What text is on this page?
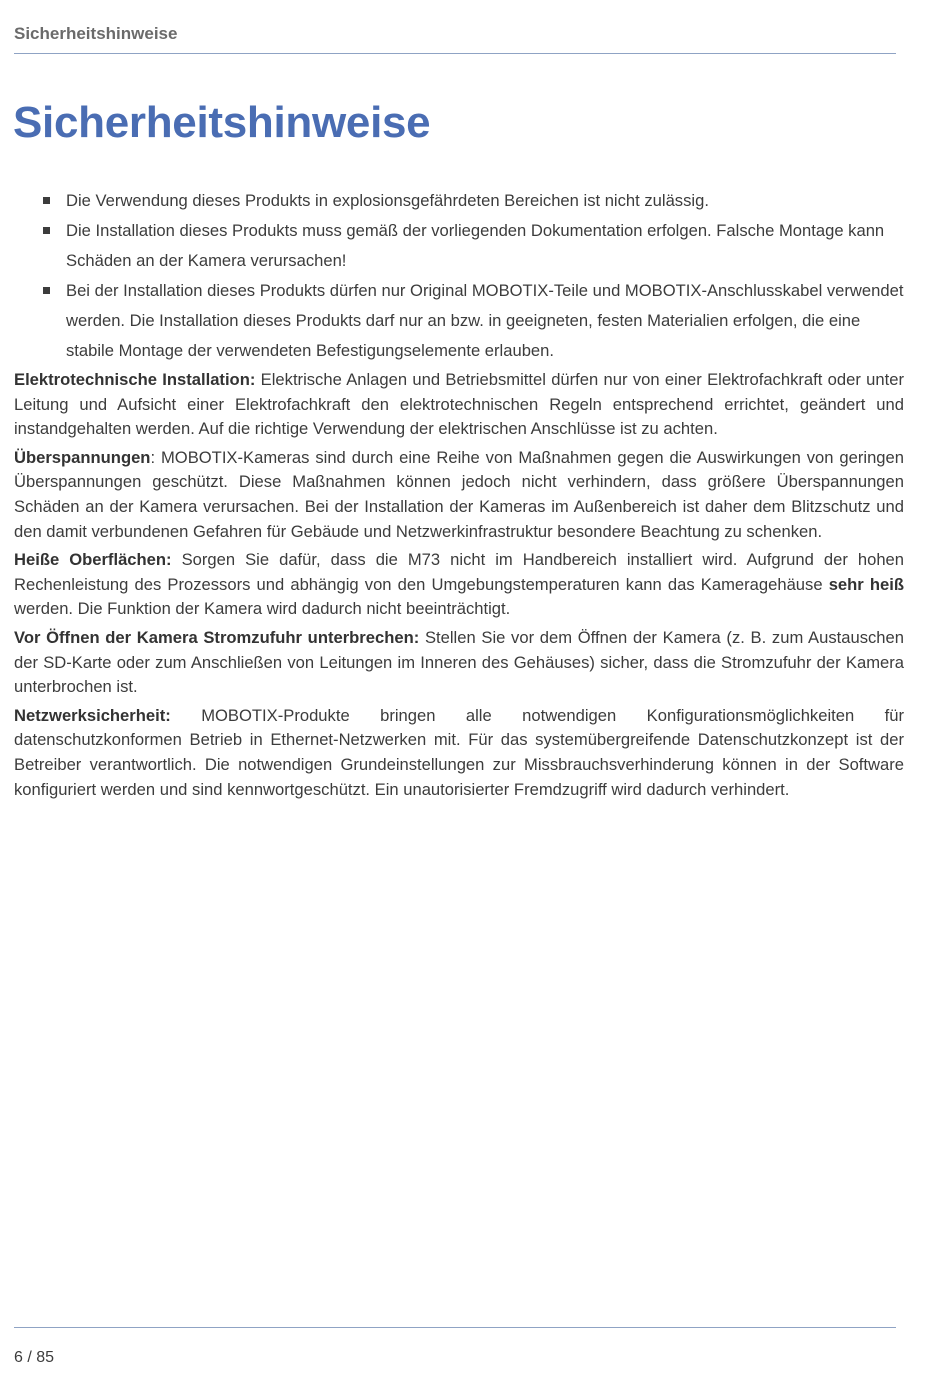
Sicherheitshinweise
Sicherheitshinweise
Die Verwendung dieses Produkts in explosionsgefährdeten Bereichen ist nicht zulässig.
Die Installation dieses Produkts muss gemäß der vorliegenden Dokumentation erfolgen. Falsche Montage kann Schäden an der Kamera verursachen!
Bei der Installation dieses Produkts dürfen nur Original MOBOTIX-Teile und MOBOTIX-Anschlusskabel verwendet werden. Die Installation dieses Produkts darf nur an bzw. in geeigneten, festen Materialien erfolgen, die eine stabile Montage der verwendeten Befestigungselemente erlauben.

Elektrotechnische Installation: Elektrische Anlagen und Betriebsmittel dürfen nur von einer Elektrofachkraft oder unter Leitung und Aufsicht einer Elektrofachkraft den elektrotechnischen Regeln entsprechend errichtet, geändert und instandgehalten werden. Auf die richtige Verwendung der elektrischen Anschlüsse ist zu achten.

Überspannungen: MOBOTIX-Kameras sind durch eine Reihe von Maßnahmen gegen die Auswirkungen von geringen Überspannungen geschützt. Diese Maßnahmen können jedoch nicht verhindern, dass größere Überspannungen Schäden an der Kamera verursachen. Bei der Installation der Kameras im Außenbereich ist daher dem Blitzschutz und den damit verbundenen Gefahren für Gebäude und Netzwerkinfrastruktur besondere Beachtung zu schenken.

Heiße Oberflächen: Sorgen Sie dafür, dass die M73 nicht im Handbereich installiert wird. Aufgrund der hohen Rechenleistung des Prozessors und abhängig von den Umgebungstemperaturen kann das Kameragehäuse sehr heiß werden. Die Funktion der Kamera wird dadurch nicht beeinträchtigt.

Vor Öffnen der Kamera Stromzufuhr unterbrechen: Stellen Sie vor dem Öffnen der Kamera (z. B. zum Austauschen der SD-Karte oder zum Anschließen von Leitungen im Inneren des Gehäuses) sicher, dass die Stromzufuhr der Kamera unterbrochen ist.

Netzwerksicherheit: MOBOTIX-Produkte bringen alle notwendigen Konfigurationsmöglichkeiten für datenschutzkonformen Betrieb in Ethernet-Netzwerken mit. Für das systemübergreifende Datenschutzkonzept ist der Betreiber verantwortlich. Die notwendigen Grundeinstellungen zur Missbrauchsverhinderung können in der Software konfiguriert werden und sind kennwortgeschützt. Ein unautorisierter Fremdzugriff wird dadurch verhindert.

6 / 85
